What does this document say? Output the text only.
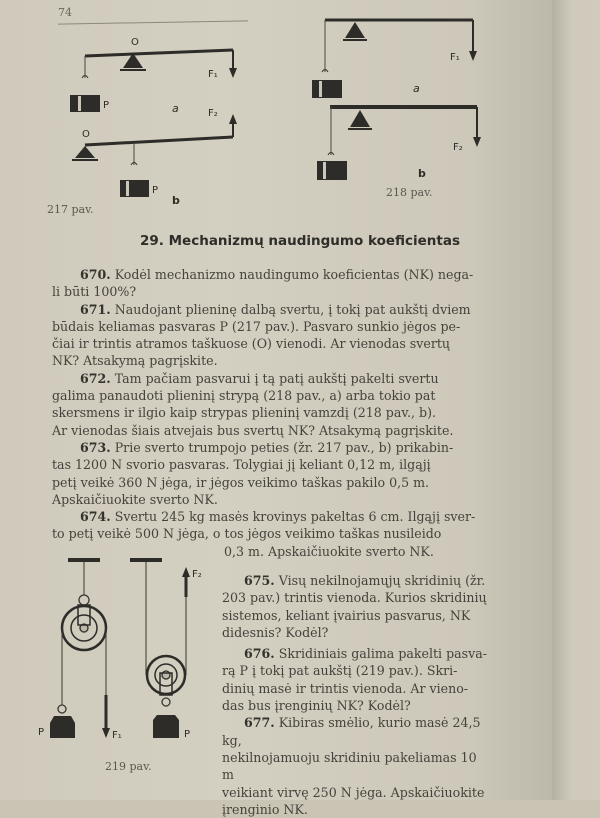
74
O
F₁
P	a	F₂
O
P
b
217 pav.
F₁
a
F₂
b
218 pav.
29. Mechanizmų naudingumo koeficientas

670. Kodėl mechanizmo naudingumo koeficientas (NK) nega-

li būti 100%?

671. Naudojant plieninę dalbą svertu, į tokį pat aukštį dviem

būdais keliamas pasvaras P (217 pav.). Pasvaro sunkio jėgos pe-
čiai ir trintis atramos taškuose (O) vienodi. Ar vienodas svertų
NK? Atsakymą pagrįskite.

672. Tam pačiam pasvarui į tą patį aukštį pakelti svertu

galima panaudoti plieninį strypą (218 pav., a) arba tokio pat
skersmens ir ilgio kaip strypas plieninį vamzdį (218 pav., b).
Ar vienodas šiais atvejais bus svertų NK? Atsakymą pagrįskite.

673. Prie sverto trumpojo peties (žr. 217 pav., b) prikabin-

tas 1200 N svorio pasvaras. Tolygiai jį keliant 0,12 m, ilgąjį
petį veikė 360 N jėga, ir jėgos veikimo taškas pakilo 0,5 m.
Apskaičiuokite sverto NK.

674. Svertu 245 kg masės krovinys pakeltas 6 cm. Ilgąjį sver-

to petį veikė 500 N jėga, o tos jėgos veikimo taškas nusileido
0,3 m. Apskaičiuokite sverto NK.
P	F₁
F₂
P
219 pav.

675. Visų nekilnojamųjų skridinių (žr.

203 pav.) trintis vienoda. Kurios skridinių
sistemos, keliant įvairius pasvarus, NK
didesnis? Kodėl?

676. Skridiniais galima pakelti pasva-

rą P į tokį pat aukštį (219 pav.). Skri-
dinių masė ir trintis vienoda. Ar vieno-
das bus įrenginių NK? Kodėl?

677. Kibiras smėlio, kurio masė 24,5 kg,

nekilnojamuoju skridiniu pakeliamas 10 m
veikiant virvę 250 N jėga. Apskaičiuokite
įrenginio NK.
